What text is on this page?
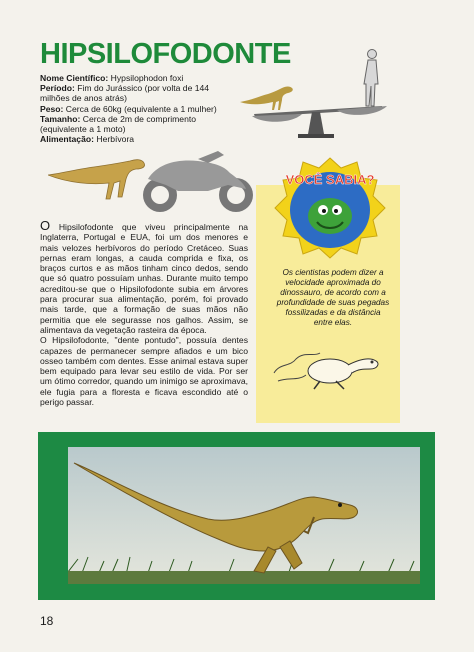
HIPSILOFODONTE
Nome Científico: Hypsilophodon foxi
Período: Fim do Jurássico (por volta de 144 milhões de anos atrás)
Peso: Cerca de 60kg (equivalente a 1 mulher)
Tamanho: Cerca de 2m de comprimento (equivalente a 1 moto)
Alimentação: Herbívora

O Hipsilofodonte que viveu principalmente na Inglaterra, Portugal e EUA, foi um dos menores e mais velozes herbívoros do período Cretáceo. Suas pernas eram longas, a cauda comprida e fixa, os braços curtos e as mãos tinham cinco dedos, sendo que só quatro possuíam unhas. Durante muito tempo acreditou-se que o Hipsilofodonte subia em árvores para procurar sua alimentação, porém, foi provado mais tarde, que a formação de suas mãos não permitia que ele segurasse nos galhos. Assim, se alimentava da vegetação rasteira da época.

O Hipsilofodonte, "dente pontudo", possuía dentes capazes de permanecer sempre afiados e um bico osseo também com dentes. Esse animal estava super bem equipado para levar seu estilo de vida. Por ser um ótimo corredor, quando um inimigo se aproximava, ele fugia para a floresta e ficava escondido até o perigo passar.

VOCÊ SABIA?
Os cientistas podem dizer a velocidade aproximada do dinossauro, de acordo com a profundidade de suas pegadas fossilizadas e da distância entre elas.
18
